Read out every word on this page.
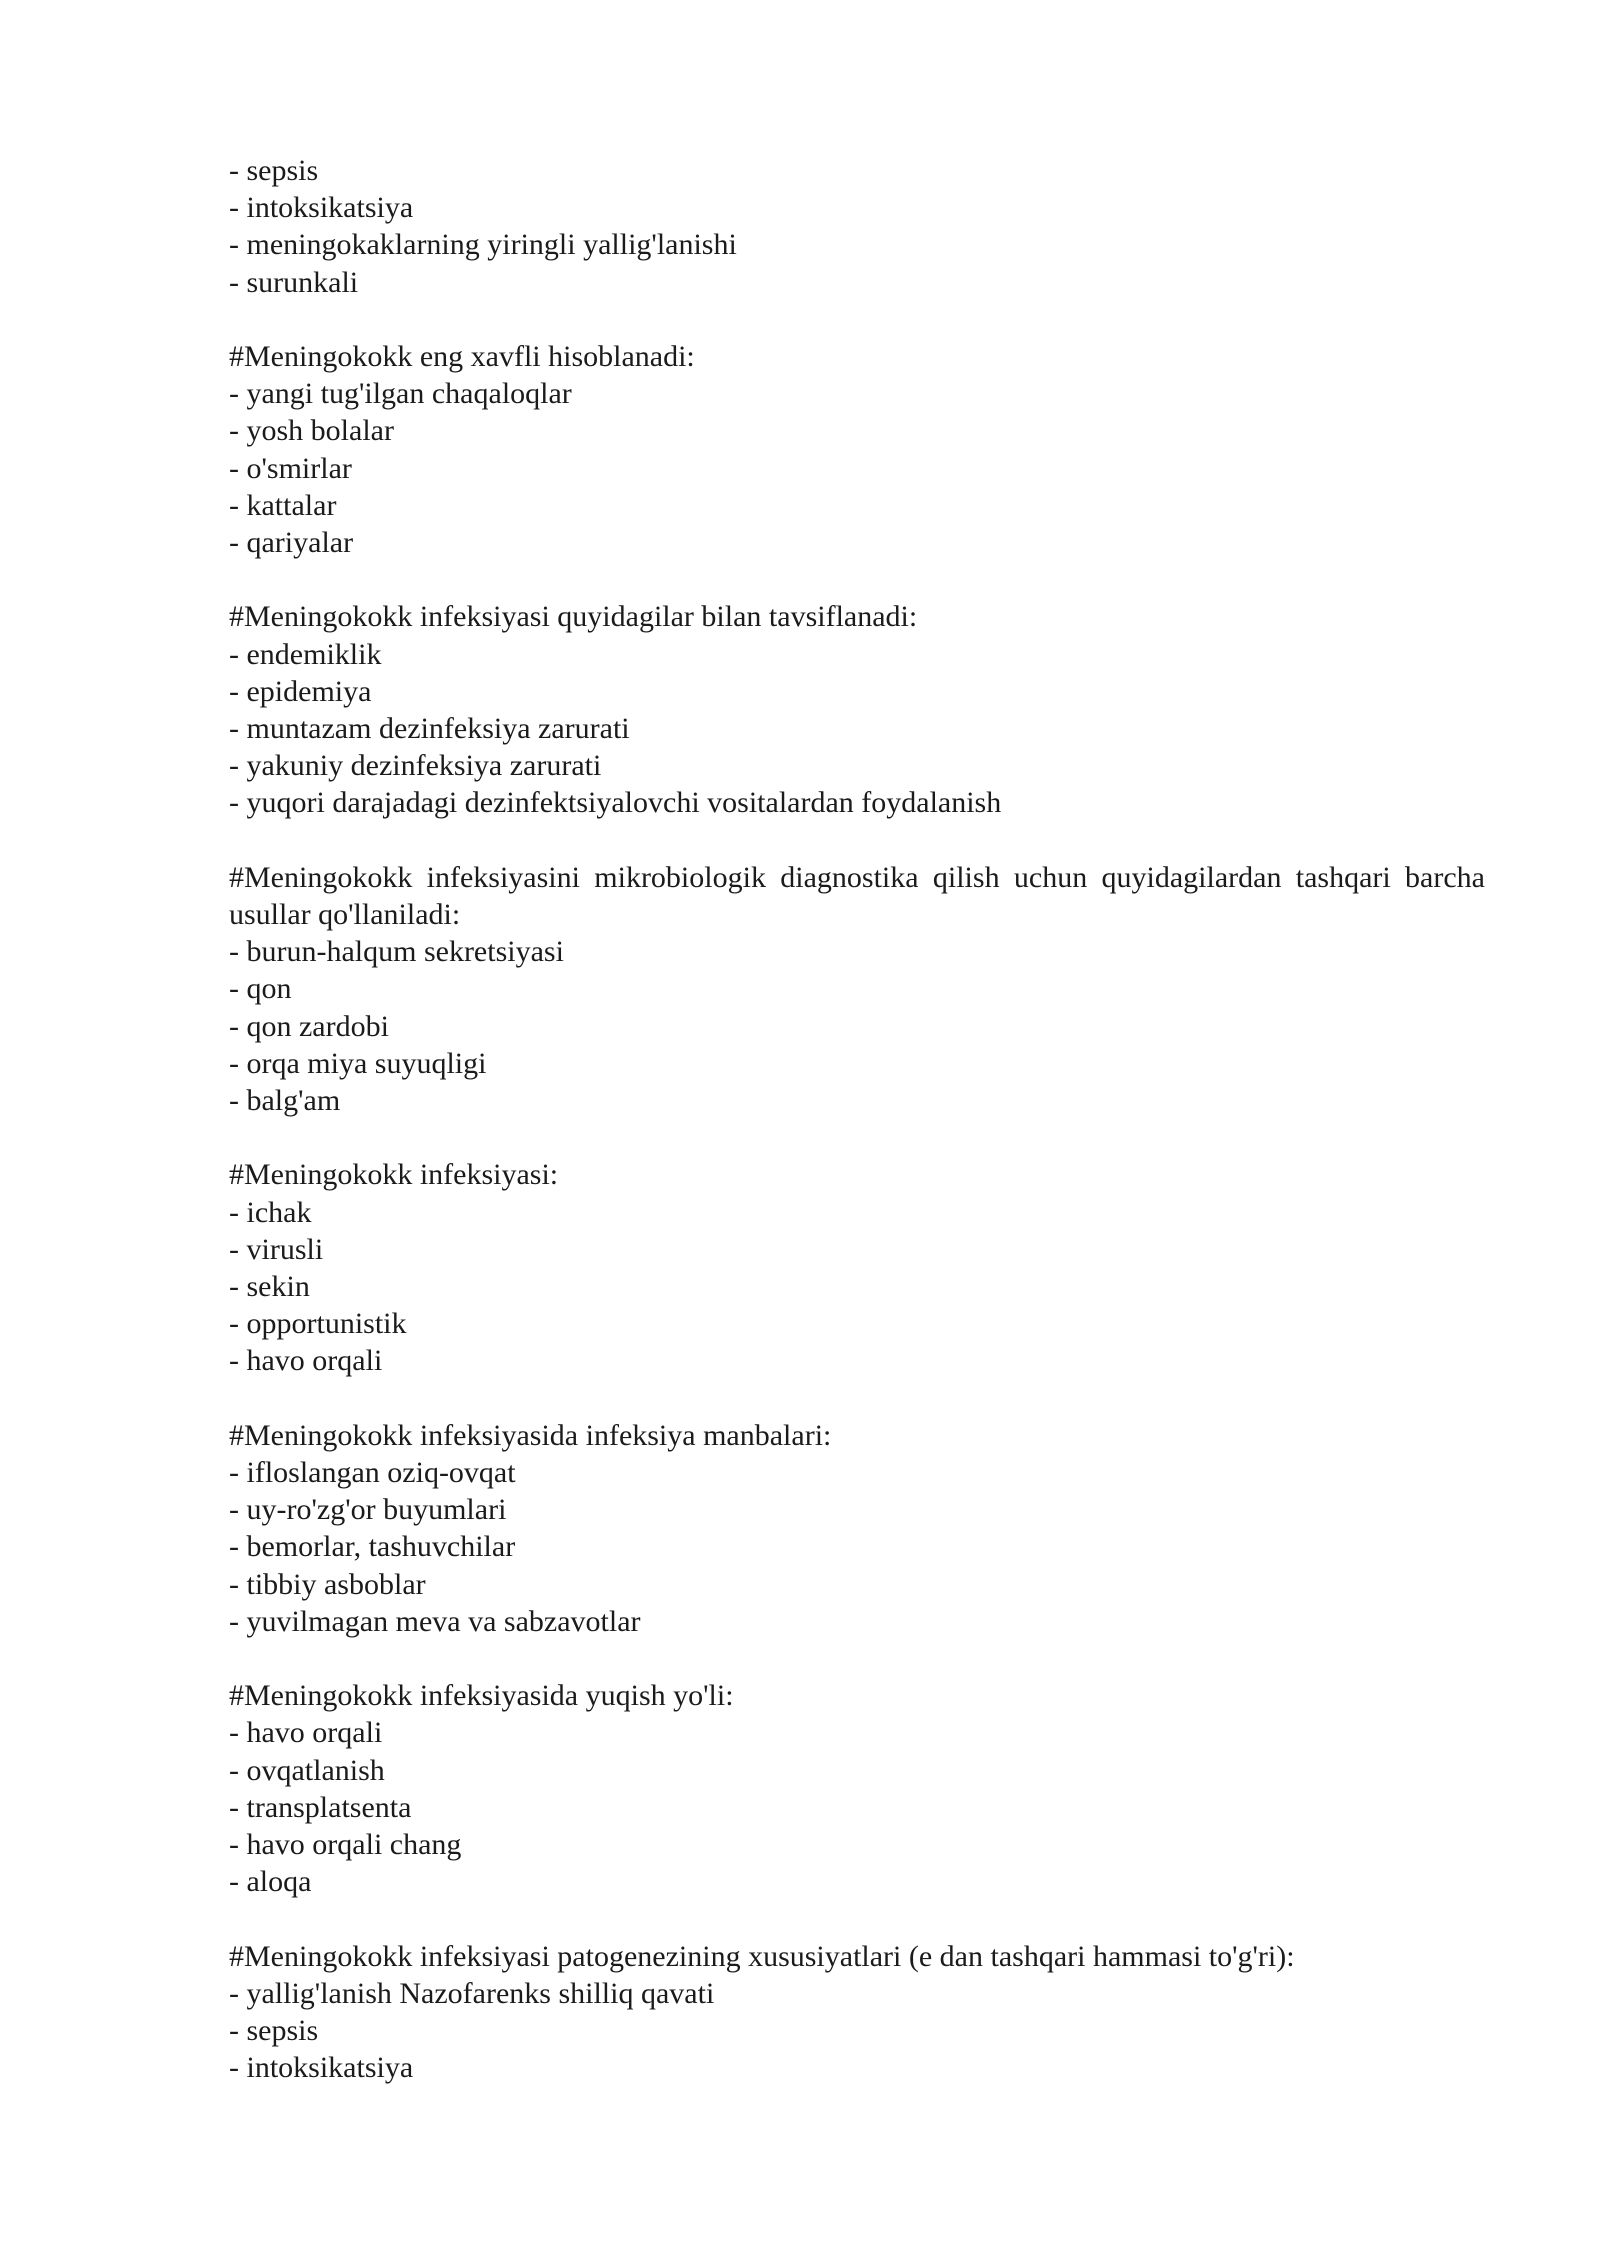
- sepsis
- intoksikatsiya
- meningokaklarning yiringli yallig'lanishi
- surunkali
#Meningokokk eng xavfli hisoblanadi:
- yangi tug'ilgan chaqaloqlar
- yosh bolalar
- o'smirlar
- kattalar
- qariyalar
#Meningokokk infeksiyasi quyidagilar bilan tavsiflanadi:
- endemiklik
- epidemiya
- muntazam dezinfeksiya zarurati
- yakuniy dezinfeksiya zarurati
- yuqori darajadagi dezinfektsiyalovchi vositalardan foydalanish
#Meningokokk infeksiyasini mikrobiologik diagnostika qilish uchun quyidagilardan tashqari barcha usullar qo'llaniladi:
- burun-halqum sekretsiyasi
- qon
- qon zardobi
- orqa miya suyuqligi
- balg'am
#Meningokokk infeksiyasi:
- ichak
- virusli
- sekin
- opportunistik
- havo orqali
#Meningokokk infeksiyasida infeksiya manbalari:
- ifloslangan oziq-ovqat
- uy-ro'zg'or buyumlari
- bemorlar, tashuvchilar
- tibbiy asboblar
- yuvilmagan meva va sabzavotlar
#Meningokokk infeksiyasida yuqish yo'li:
- havo orqali
- ovqatlanish
- transplatsenta
- havo orqali chang
- aloqa
#Meningokokk infeksiyasi patogenezining xususiyatlari (e dan tashqari hammasi to'g'ri):
- yallig'lanish Nazofarenks shilliq qavati
- sepsis
- intoksikatsiya
